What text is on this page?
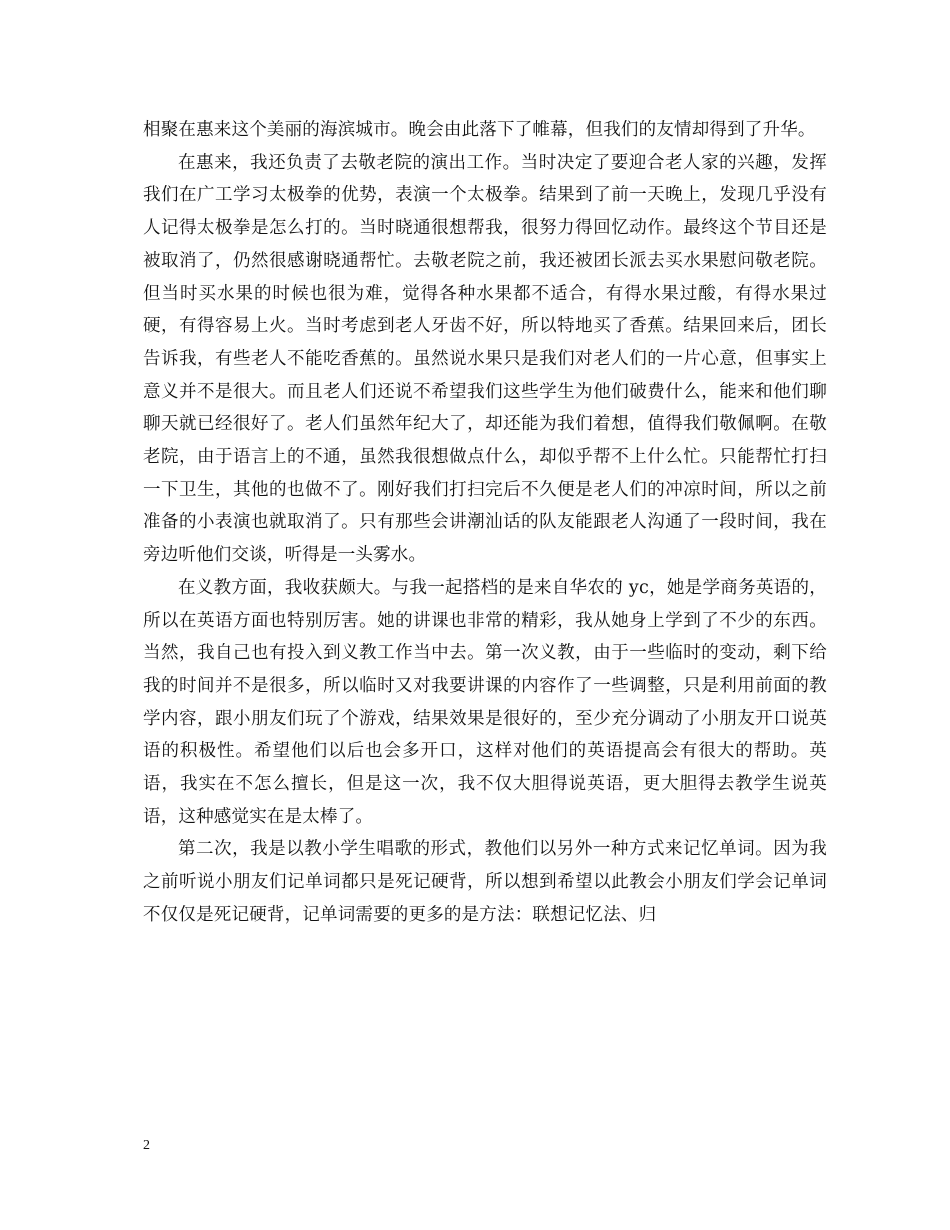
相聚在惠来这个美丽的海滨城市。晚会由此落下了帷幕，但我们的友情却得到了升华。

在惠来，我还负责了去敬老院的演出工作。当时决定了要迎合老人家的兴趣，发挥我们在广工学习太极拳的优势，表演一个太极拳。结果到了前一天晚上，发现几乎没有人记得太极拳是怎么打的。当时晓通很想帮我，很努力得回忆动作。最终这个节目还是被取消了，仍然很感谢晓通帮忙。去敬老院之前，我还被团长派去买水果慰问敬老院。但当时买水果的时候也很为难，觉得各种水果都不适合，有得水果过酸，有得水果过硬，有得容易上火。当时考虑到老人牙齿不好，所以特地买了香蕉。结果回来后，团长告诉我，有些老人不能吃香蕉的。虽然说水果只是我们对老人们的一片心意，但事实上意义并不是很大。而且老人们还说不希望我们这些学生为他们破费什么，能来和他们聊聊天就已经很好了。老人们虽然年纪大了，却还能为我们着想，值得我们敬佩啊。在敬老院，由于语言上的不通，虽然我很想做点什么，却似乎帮不上什么忙。只能帮忙打扫一下卫生，其他的也做不了。刚好我们打扫完后不久便是老人们的冲凉时间，所以之前准备的小表演也就取消了。只有那些会讲潮汕话的队友能跟老人沟通了一段时间，我在旁边听他们交谈，听得是一头雾水。

在义教方面，我收获颇大。与我一起搭档的是来自华农的 yc，她是学商务英语的，所以在英语方面也特别厉害。她的讲课也非常的精彩，我从她身上学到了不少的东西。当然，我自己也有投入到义教工作当中去。第一次义教，由于一些临时的变动，剩下给我的时间并不是很多，所以临时又对我要讲课的内容作了一些调整，只是利用前面的教学内容，跟小朋友们玩了个游戏，结果效果是很好的，至少充分调动了小朋友开口说英语的积极性。希望他们以后也会多开口，这样对他们的英语提高会有很大的帮助。英语，我实在不怎么擅长，但是这一次，我不仅大胆得说英语，更大胆得去教学生说英语，这种感觉实在是太棒了。

第二次，我是以教小学生唱歌的形式，教他们以另外一种方式来记忆单词。因为我之前听说小朋友们记单词都只是死记硬背，所以想到希望以此教会小朋友们学会记单词不仅仅是死记硬背，记单词需要的更多的是方法：联想记忆法、归

2
